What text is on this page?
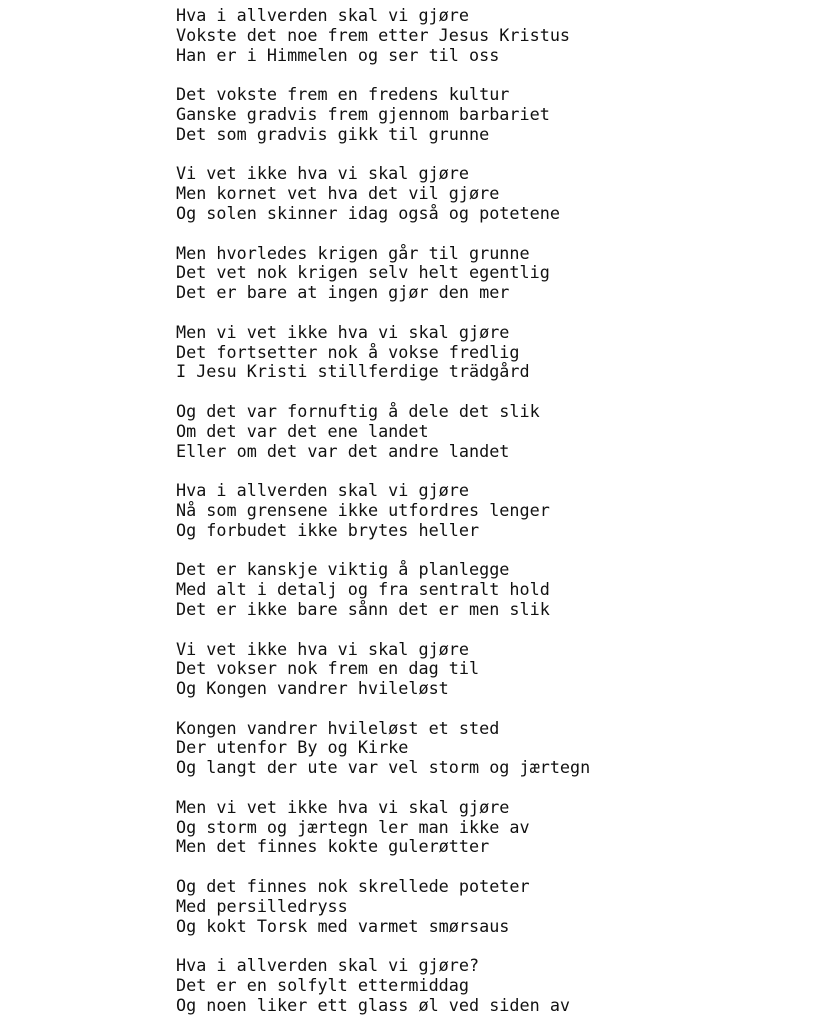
Hva i allverden skal vi gjøre
Vokste det noe frem etter Jesus Kristus
Han er i Himmelen og ser til oss
Det vokste frem en fredens kultur
Ganske gradvis frem gjennom barbariet
Det som gradvis gikk til grunne
Vi vet ikke hva vi skal gjøre
Men kornet vet hva det vil gjøre
Og solen skinner idag også og potetene
Men hvorledes krigen går til grunne
Det vet nok krigen selv helt egentlig
Det er bare at ingen gjør den mer
Men vi vet ikke hva vi skal gjøre
Det fortsetter nok å vokse fredlig
I Jesu Kristi stillferdige trädgård
Og det var fornuftig å dele det slik
Om det var det ene landet
Eller om det var det andre landet
Hva i allverden skal vi gjøre
Nå som grensene ikke utfordres lenger
Og forbudet ikke brytes heller
Det er kanskje viktig å planlegge
Med alt i detalj og fra sentralt hold
Det er ikke bare sånn det er men slik
Vi vet ikke hva vi skal gjøre
Det vokser nok frem en dag til
Og Kongen vandrer hvileløst
Kongen vandrer hvileløst et sted
Der utenfor By og Kirke
Og langt der ute var vel storm og jærtegn
Men vi vet ikke hva vi skal gjøre
Og storm og jærtegn ler man ikke av
Men det finnes kokte gulerøtter
Og det finnes nok skrellede poteter
Med persilledryss
Og kokt Torsk med varmet smørsaus
Hva i allverden skal vi gjøre?
Det er en solfylt ettermiddag
Og noen liker ett glass øl ved siden av
